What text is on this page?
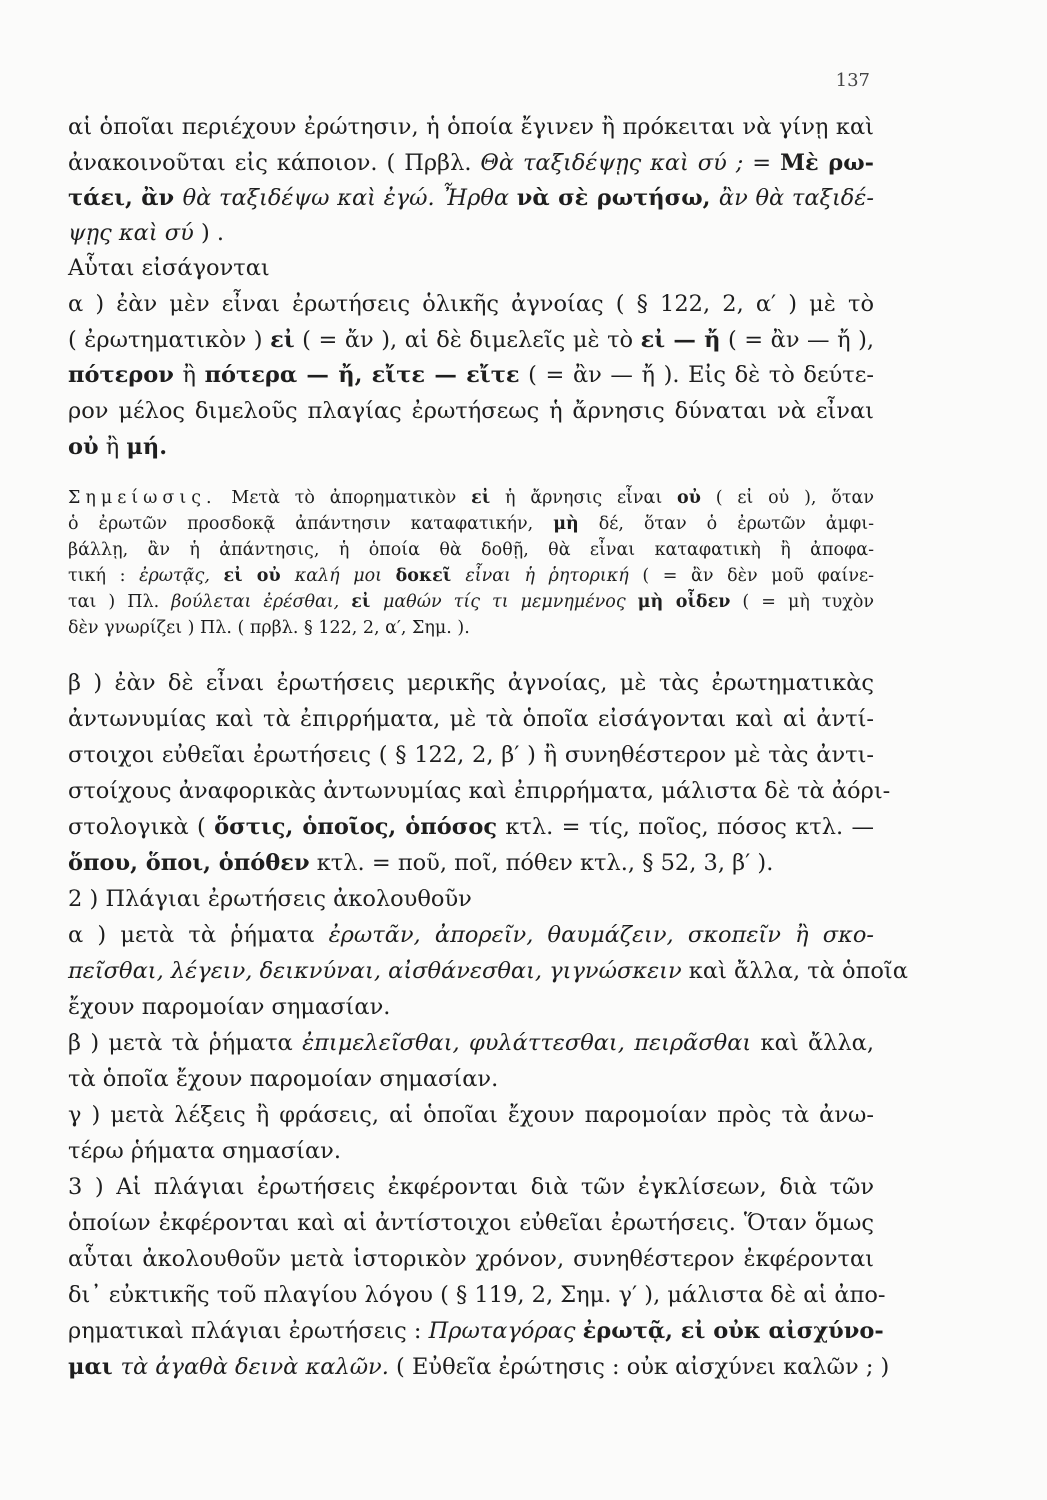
137
αἱ ὁποῖαι περιέχουν ἐρώτησιν, ἡ ὁποία ἔγινεν ἢ πρόκειται νὰ γίνῃ καὶ
ἀνακοινοῦται εἰς κάποιον. ( Πρβλ. Θὰ ταξιδέψῃς καὶ σύ ; = Μὲ ρω-
τάει, ἂν θὰ ταξιδέψω καὶ ἐγώ. Ἦρθα νὰ σὲ ρωτήσω, ἂν θὰ ταξιδέ-
ψῃς καὶ σύ ) .
Αὗται εἰσάγονται
α ) ἐὰν μὲν εἶναι ἐρωτήσεις ὁλικῆς ἀγνοίας ( § 122, 2, α′ ) μὲ τὸ
( ἐρωτηματικὸν ) εἰ ( = ἄν ), αἱ δὲ διμελεῖς μὲ τὸ εἰ — ἤ ( = ἂν — ἤ ),
πότερον ἢ πότερα — ἤ, εἴτε — εἴτε ( = ἂν — ἤ ). Εἰς δὲ τὸ δεύτε-
ρον μέλος διμελοῦς πλαγίας ἐρωτήσεως ἡ ἄρνησις δύναται νὰ εἶναι
οὐ ἢ μή.
Σημείωσις. Μετὰ τὸ ἀπορηματικὸν εἰ ἡ ἄρνησις εἶναι οὐ ( εἰ οὐ ), ὅταν
ὁ ἐρωτῶν προσδοκᾷ ἀπάντησιν καταφατικήν, μὴ δέ, ὅταν ὁ ἐρωτῶν ἀμφι-
βάλλῃ, ἂν ἡ ἀπάντησις, ἡ ὁποία θὰ δοθῇ, θὰ εἶναι καταφατικὴ ἢ ἀποφα-
τική : ἐρωτᾷς, εἰ οὐ καλή μοι δοκεῖ εἶναι ἡ ῥητορική ( = ἂν δὲν μοῦ φαίνε-
ται ) Πλ. βούλεται ἐρέσθαι, εἰ μαθών τίς τι μεμνημένος μὴ οἶδεν ( = μὴ τυχὸν
δὲν γνωρίζει ) Πλ. ( πρβλ. § 122, 2, α′, Σημ. ).
β ) ἐὰν δὲ εἶναι ἐρωτήσεις μερικῆς ἀγνοίας, μὲ τὰς ἐρωτηματικὰς
ἀντωνυμίας καὶ τὰ ἐπιρρήματα, μὲ τὰ ὁποῖα εἰσάγονται καὶ αἱ ἀντί-
στοιχοι εὐθεῖαι ἐρωτήσεις ( § 122, 2, β′ ) ἢ συνηθέστερον μὲ τὰς ἀντι-
στοίχους ἀναφορικὰς ἀντωνυμίας καὶ ἐπιρρήματα, μάλιστα δὲ τὰ ἀόρι-
στολογικὰ ( ὅστις, ὁποῖος, ὁπόσος κτλ. = τίς, ποῖος, πόσος κτλ. —
ὅπου, ὅποι, ὁπόθεν κτλ. = ποῦ, ποῖ, πόθεν κτλ., § 52, 3, β′ ).
2 ) Πλάγιαι ἐρωτήσεις ἀκολουθοῦν
α ) μετὰ τὰ ῥήματα ἐρωτᾶν, ἀπορεῖν, θαυμάζειν, σκοπεῖν ἢ σκο-
πεῖσθαι, λέγειν, δεικνύναι, αἰσθάνεσθαι, γιγνώσκειν καὶ ἄλλα, τὰ ὁποῖα
ἔχουν παρομοίαν σημασίαν.
β ) μετὰ τὰ ῥήματα ἐπιμελεῖσθαι, φυλάττεσθαι, πειρᾶσθαι καὶ ἄλλα,
τὰ ὁποῖα ἔχουν παρομοίαν σημασίαν.
γ ) μετὰ λέξεις ἢ φράσεις, αἱ ὁποῖαι ἔχουν παρομοίαν πρὸς τὰ ἀνω-
τέρω ῥήματα σημασίαν.
3 ) Αἱ πλάγιαι ἐρωτήσεις ἐκφέρονται διὰ τῶν ἐγκλίσεων, διὰ τῶν
ὁποίων ἐκφέρονται καὶ αἱ ἀντίστοιχοι εὐθεῖαι ἐρωτήσεις. Ὅταν ὅμως
αὗται ἀκολουθοῦν μετὰ ἱστορικὸν χρόνον, συνηθέστερον ἐκφέρονται
δι᾽ εὐκτικῆς τοῦ πλαγίου λόγου ( § 119, 2, Σημ. γ′ ), μάλιστα δὲ αἱ ἀπο-
ρηματικαὶ πλάγιαι ἐρωτήσεις : Πρωταγόρας ἐρωτᾷ, εἰ οὐκ αἰσχύνο-
μαι τὰ ἀγαθὰ δεινὰ καλῶν. ( Εὐθεῖα ἐρώτησις : οὐκ αἰσχύνει καλῶν ; )
